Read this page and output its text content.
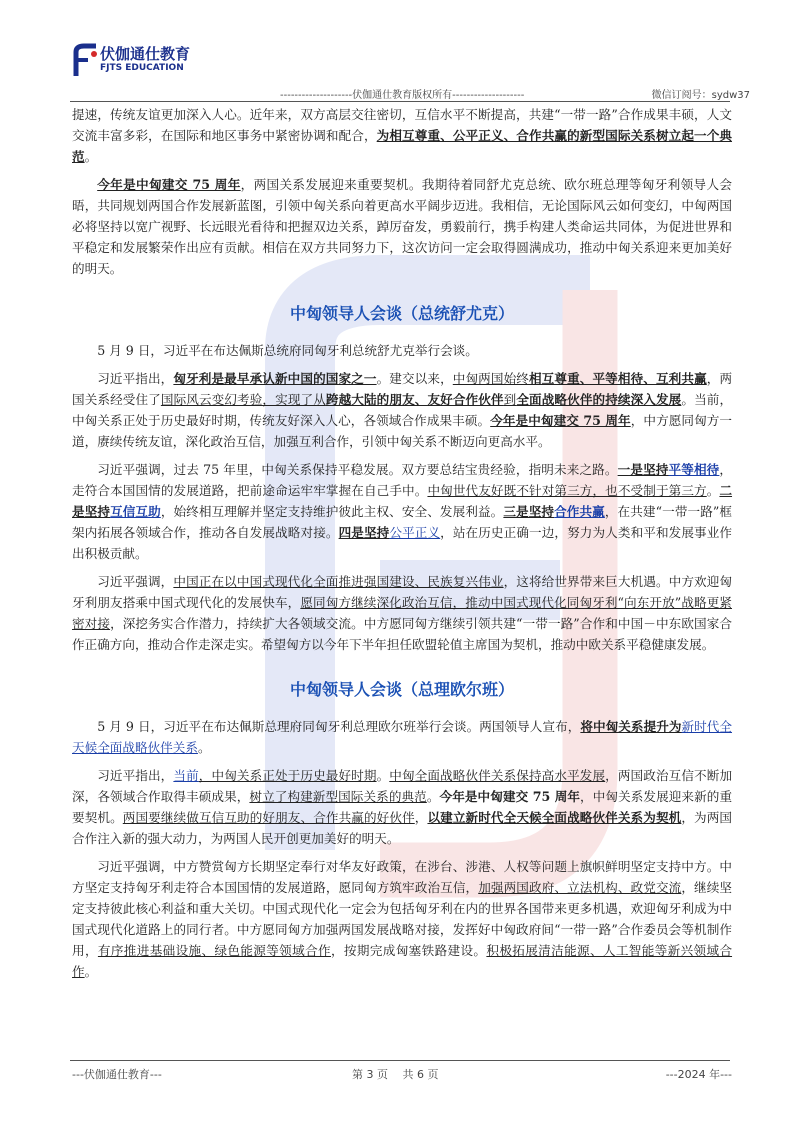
伏伽通仕教育
FJTS EDUCATION
--------------------伏伽通仕教育版权所有--------------------	微信订阅号：sydw37

提速，传统友谊更加深入人心。近年来，双方高层交往密切，互信水平不断提高，共建“一带一路”合作成果丰硕，人文交流丰富多彩，在国际和地区事务中紧密协调和配合，为相互尊重、公平正义、合作共赢的新型国际关系树立起一个典范。

今年是中匈建交 75 周年，两国关系发展迎来重要契机。我期待着同舒尤克总统、欧尔班总理等匈牙利领导人会晤，共同规划两国合作发展新蓝图，引领中匈关系向着更高水平阔步迈进。我相信，无论国际风云如何变幻，中匈两国必将坚持以宽广视野、长远眼光看待和把握双边关系，踔厉奋发，勇毅前行，携手构建人类命运共同体，为促进世界和平稳定和发展繁荣作出应有贡献。相信在双方共同努力下，这次访问一定会取得圆满成功，推动中匈关系迎来更加美好的明天。

中匈领导人会谈（总统舒尤克）

5 月 9 日，习近平在布达佩斯总统府同匈牙利总统舒尤克举行会谈。

习近平指出，匈牙利是最早承认新中国的国家之一。建交以来，中匈两国始终相互尊重、平等相待、互利共赢，两国关系经受住了国际风云变幻考验，实现了从跨越大陆的朋友、友好合作伙伴到全面战略伙伴的持续深入发展。当前，中匈关系正处于历史最好时期，传统友好深入人心，各领域合作成果丰硕。今年是中匈建交 75 周年，中方愿同匈方一道，赓续传统友谊，深化政治互信，加强互利合作，引领中匈关系不断迈向更高水平。

习近平强调，过去 75 年里，中匈关系保持平稳发展。双方要总结宝贵经验，指明未来之路。一是坚持平等相待，走符合本国国情的发展道路，把前途命运牢牢掌握在自己手中。中匈世代友好既不针对第三方，也不受制于第三方。二是坚持互信互助，始终相互理解并坚定支持维护彼此主权、安全、发展利益。三是坚持合作共赢，在共建“一带一路”框架内拓展各领域合作，推动各自发展战略对接。四是坚持公平正义，站在历史正确一边，努力为人类和平和发展事业作出积极贡献。

习近平强调，中国正在以中国式现代化全面推进强国建设、民族复兴伟业，这将给世界带来巨大机遇。中方欢迎匈牙利朋友搭乘中国式现代化的发展快车，愿同匈方继续深化政治互信，推动中国式现代化同匈牙利“向东开放”战略更紧密对接，深挖务实合作潜力，持续扩大各领域交流。中方愿同匈方继续引领共建“一带一路”合作和中国－中东欧国家合作正确方向，推动合作走深走实。希望匈方以今年下半年担任欧盟轮值主席国为契机，推动中欧关系平稳健康发展。

中匈领导人会谈（总理欧尔班）

5 月 9 日，习近平在布达佩斯总理府同匈牙利总理欧尔班举行会谈。两国领导人宣布，将中匈关系提升为新时代全天候全面战略伙伴关系。

习近平指出，当前，中匈关系正处于历史最好时期。中匈全面战略伙伴关系保持高水平发展，两国政治互信不断加深，各领域合作取得丰硕成果，树立了构建新型国际关系的典范。今年是中匈建交 75 周年，中匈关系发展迎来新的重要契机。两国要继续做互信互助的好朋友、合作共赢的好伙伴，以建立新时代全天候全面战略伙伴关系为契机，为两国合作注入新的强大动力，为两国人民开创更加美好的明天。

习近平强调，中方赞赏匈方长期坚定奉行对华友好政策，在涉台、涉港、人权等问题上旗帜鲜明坚定支持中方。中方坚定支持匈牙利走符合本国国情的发展道路，愿同匈方筑牢政治互信，加强两国政府、立法机构、政党交流，继续坚定支持彼此核心利益和重大关切。中国式现代化一定会为包括匈牙利在内的世界各国带来更多机遇，欢迎匈牙利成为中国式现代化道路上的同行者。中方愿同匈方加强两国发展战略对接，发挥好中匈政府间“一带一路”合作委员会等机制作用，有序推进基础设施、绿色能源等领域合作，按期完成匈塞铁路建设。积极拓展清洁能源、人工智能等新兴领域合作。

---伏伽通仕教育---	第 3 页　 共 6 页	---2024 年---
